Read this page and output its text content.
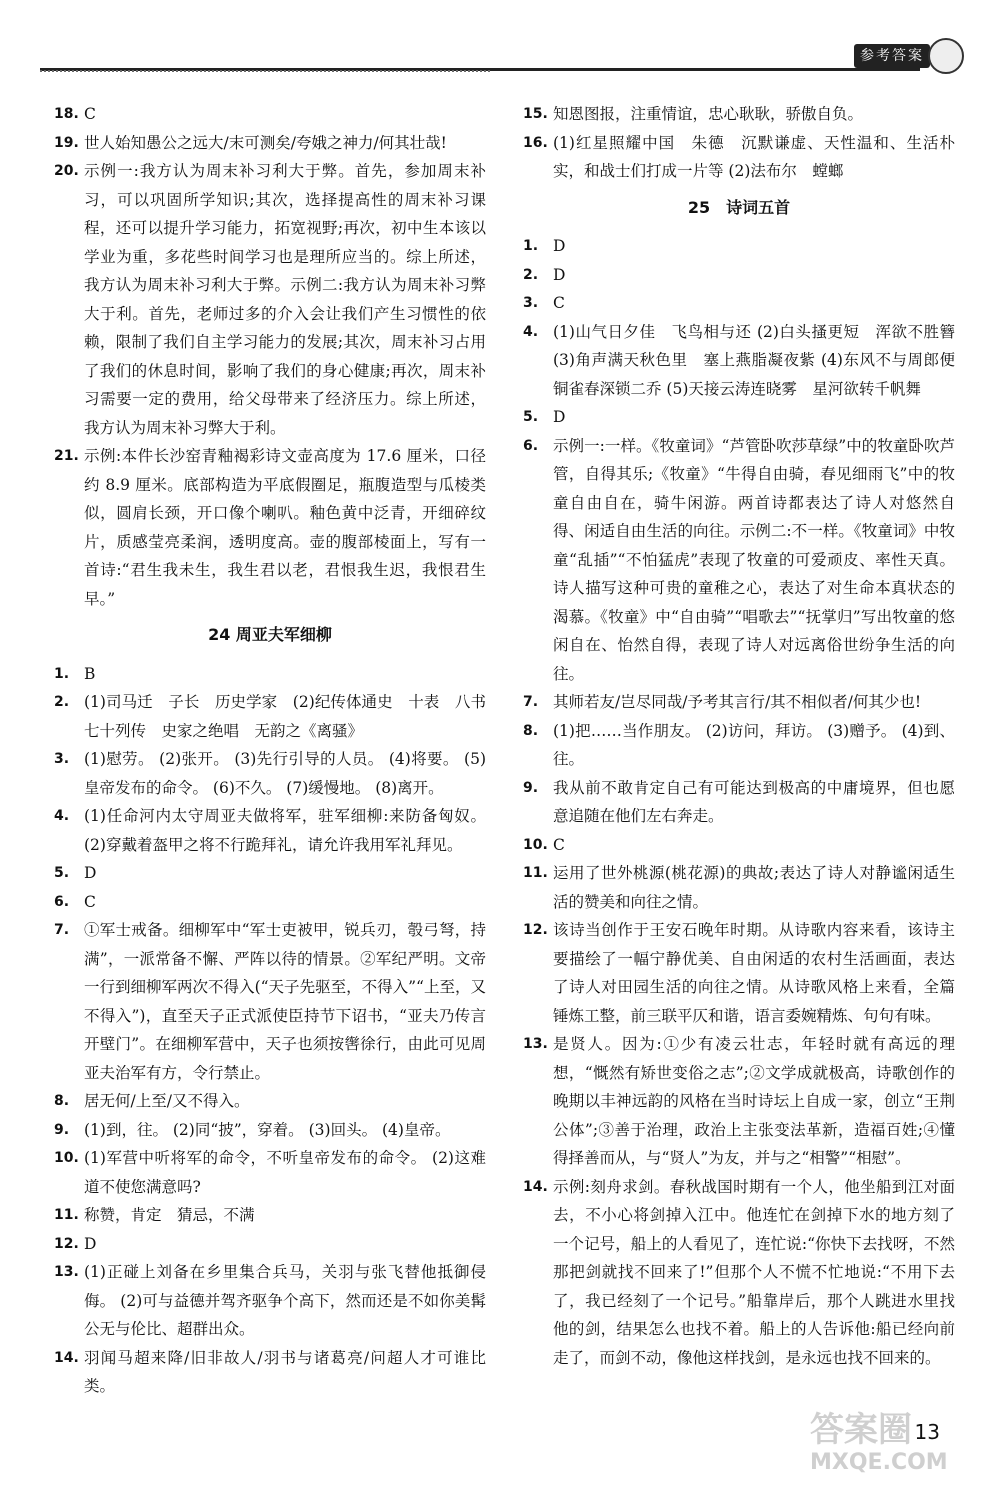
参考答案
18. C
19. 世人始知愚公之远大/末可测矣/夸娥之神力/何其壮哉!
20. 示例一:我方认为周末补习利大于弊。首先，参加周末补习，可以巩固所学知识;其次，选择提高性的周末补习课程，还可以提升学习能力，拓宽视野;再次，初中生本该以学业为重，多花些时间学习也是理所应当的。综上所述，我方认为周末补习利大于弊。示例二:我方认为周末补习弊大于利。首先，老师过多的介入会让我们产生习惯性的依赖，限制了我们自主学习能力的发展;其次，周末补习占用了我们的休息时间，影响了我们的身心健康;再次，周末补习需要一定的费用，给父母带来了经济压力。综上所述，我方认为周末补习弊大于利。
21. 示例:本件长沙窑青釉褐彩诗文壶高度为 17.6 厘米，口径约 8.9 厘米。底部构造为平底假圈足，瓶腹造型与瓜棱类似，圆肩长颈，开口像个喇叭。釉色黄中泛青，开细碎纹片，质感莹亮柔润，透明度高。壶的腹部棱面上，写有一首诗:“君生我未生，我生君以老，君恨我生迟，我恨君生早。”
24 周亚夫军细柳
1. B
2. (1)司马迁　子长　历史学家　(2)纪传体通史　十表　八书　七十列传　史家之绝唱　无韵之《离骚》
3. (1)慰劳。 (2)张开。 (3)先行引导的人员。 (4)将要。 (5)皇帝发布的命令。 (6)不久。 (7)缓慢地。 (8)离开。
4. (1)任命河内太守周亚夫做将军，驻军细柳:来防备匈奴。(2)穿戴着盔甲之将不行跪拜礼，请允许我用军礼拜见。
5. D
6. C
7. ①军士戒备。细柳军中“军士吏被甲，锐兵刃，彀弓弩，持满”，一派常备不懈、严阵以待的情景。②军纪严明。文帝一行到细柳军两次不得入(“天子先驱至，不得入”“上至，又不得入”)，直至天子正式派使臣持节下诏书，“亚夫乃传言开壁门”。在细柳军营中，天子也须按辔徐行，由此可见周亚夫治军有方，令行禁止。
8. 居无何/上至/又不得入。
9. (1)到，往。 (2)同“披”，穿着。 (3)回头。 (4)皇帝。
10. (1)军营中听将军的命令，不听皇帝发布的命令。 (2)这难道不使您满意吗?
11. 称赞，肯定　猜忌，不满
12. D
13. (1)正碰上刘备在乡里集合兵马，关羽与张飞替他抵御侵侮。 (2)可与益德并驾齐驱争个高下，然而还是不如你美髯公无与伦比、超群出众。
14. 羽闻马超来降/旧非故人/羽书与诸葛亮/问超人才可谁比类。
15. 知恩图报，注重情谊，忠心耿耿，骄傲自负。
16. (1)红星照耀中国　朱德　沉默谦虚、天性温和、生活朴实，和战士们打成一片等 (2)法布尔　螳螂
25　诗词五首
1. D
2. D
3. C
4. (1)山气日夕佳　飞鸟相与还 (2)白头搔更短　浑欲不胜簪 (3)角声满天秋色里　塞上燕脂凝夜紫 (4)东风不与周郎便　铜雀春深锁二乔 (5)天接云涛连晓雾　星河欲转千帆舞
5. D
6. 示例一:一样。《牧童词》“芦管卧吹莎草绿”中的牧童卧吹芦管，自得其乐;《牧童》“牛得自由骑，春见细雨飞”中的牧童自由自在，骑牛闲游。两首诗都表达了诗人对悠然自得、闲适自由生活的向往。示例二:不一样。《牧童词》中牧童“乱插”“不怕猛虎”表现了牧童的可爱顽皮、率性天真。诗人描写这种可贵的童稚之心，表达了对生命本真状态的渴慕。《牧童》中“自由骑”“唱歌去”“抚掌归”写出牧童的悠闲自在、怡然自得，表现了诗人对远离俗世纷争生活的向往。
7. 其师若友/岂尽同哉/予考其言行/其不相似者/何其少也!
8. (1)把……当作朋友。 (2)访问，拜访。 (3)赠予。 (4)到、往。
9. 我从前不敢肯定自己有可能达到极高的中庸境界，但也愿意追随在他们左右奔走。
10. C
11. 运用了世外桃源(桃花源)的典故;表达了诗人对静谧闲适生活的赞美和向往之情。
12. 该诗当创作于王安石晚年时期。从诗歌内容来看，该诗主要描绘了一幅宁静优美、自由闲适的农村生活画面，表达了诗人对田园生活的向往之情。从诗歌风格上来看，全篇锤炼工整，前三联平仄和谐，语言委婉精炼、句句有味。
13. 是贤人。因为:①少有凌云壮志，年轻时就有高远的理想，“慨然有矫世变俗之志”;②文学成就极高，诗歌创作的晚期以丰神远韵的风格在当时诗坛上自成一家，创立“王荆公体”;③善于治理，政治上主张变法革新，造福百姓;④懂得择善而从，与“贤人”为友，并与之“相警”“相慰”。
14. 示例:刻舟求剑。春秋战国时期有一个人，他坐船到江对面去，不小心将剑掉入江中。他连忙在剑掉下水的地方刻了一个记号，船上的人看见了，连忙说:“你快下去找呀，不然那把剑就找不回来了!”但那个人不慌不忙地说:“不用下去了，我已经刻了一个记号。”船靠岸后，那个人跳进水里找他的剑，结果怎么也找不着。船上的人告诉他:船已经向前走了，而剑不动，像他这样找剑，是永远也找不回来的。
13
答案圈
MXQE.COM
